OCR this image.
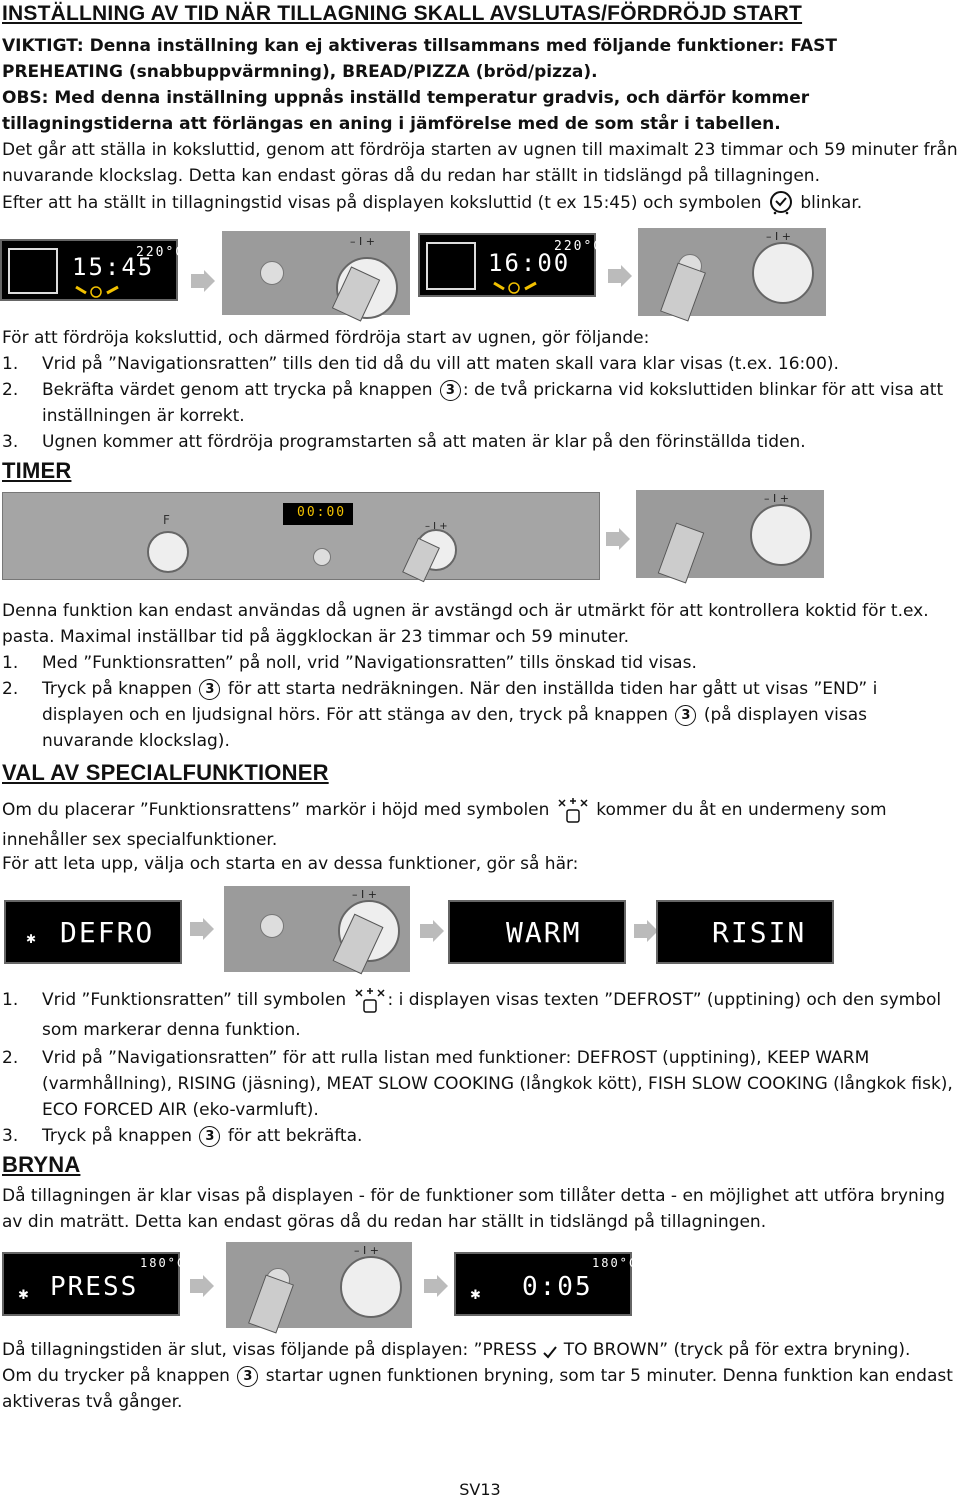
INSTÄLLNING AV TID NÄR TILLAGNING SKALL AVSLUTAS/FÖRDRÖJD START
VIKTIGT: Denna inställning kan ej aktiveras tillsammans med följande funktioner: FAST PREHEATING (snabbuppvärmning), BREAD/PIZZA (bröd/pizza).
OBS: Med denna inställning uppnås inställd temperatur gradvis, och därför kommer tillagningstiderna att förlängas en aning i jämförelse med de som står i tabellen.
Det går att ställa in koksluttid, genom att fördröja starten av ugnen till maximalt 23 timmar och 59 minuter från nuvarande klockslag. Detta kan endast göras då du redan har ställt in tidslängd på tillagningen.
Efter att ha ställt in tillagningstid visas på displayen koksluttid (t ex 15:45) och symbolen blinkar.
15:45
220°C
– I +
16:00
220°C
– I +
För att fördröja koksluttid, och därmed fördröja start av ugnen, gör följande:
1. Vrid på ”Navigationsratten” tills den tid då du vill att maten skall vara klar visas (t.ex. 16:00).
2. Bekräfta värdet genom att trycka på knappen 3 : de två prickarna vid koksluttiden blinkar för att visa att inställningen är korrekt.
3. Ugnen kommer att fördröja programstarten så att maten är klar på den förinställda tiden.
TIMER
F	00:00
– I +
– I +
Denna funktion kan endast användas då ugnen är avstängd och är utmärkt för att kontrollera koktid för t.ex. pasta. Maximal inställbar tid på äggklockan är 23 timmar och 59 minuter.
1. Med ”Funktionsratten” på noll, vrid ”Navigationsratten” tills önskad tid visas.
2. Tryck på knappen 3 för att starta nedräkningen. När den inställda tiden har gått ut visas ”END” i displayen och en ljudsignal hörs. För att stänga av den, tryck på knappen 3 (på displayen visas nuvarande klockslag).
VAL AV SPECIALFUNKTIONER
Om du placerar ”Funktionsrattens” markör i höjd med symbolen	kommer du åt en undermeny som innehåller sex specialfunktioner.
För att leta upp, välja och starta en av dessa funktioner, gör så här:
✱ DEFRO
– I +
WARM	RISIN
1. Vrid ”Funktionsratten” till symbolen : i displayen visas texten ”DEFROST” (upptining) och den symbol som markerar denna funktion.
2. Vrid på ”Navigationsratten” för att rulla listan med funktioner: DEFROST (upptining), KEEP WARM (varmhållning), RISING (jäsning), MEAT SLOW COOKING (långkok kött), FISH SLOW COOKING (långkok fisk), ECO FORCED AIR (eko-varmluft).
3. Tryck på knappen 3 för att bekräfta.
BRYNA
Då tillagningen är klar visas på displayen - för de funktioner som tillåter detta - en möjlighet att utföra bryning av din maträtt. Detta kan endast göras då du redan har ställt in tidslängd på tillagningen.
✱ PRESS
180°C
– I +
✱ 0:05
180°C
Då tillagningstiden är slut, visas följande på displayen: ”PRESS TO BROWN” (tryck på för extra bryning).
Om du trycker på knappen 3 startar ugnen funktionen bryning, som tar 5 minuter. Denna funktion kan endast aktiveras två gånger.
SV13
